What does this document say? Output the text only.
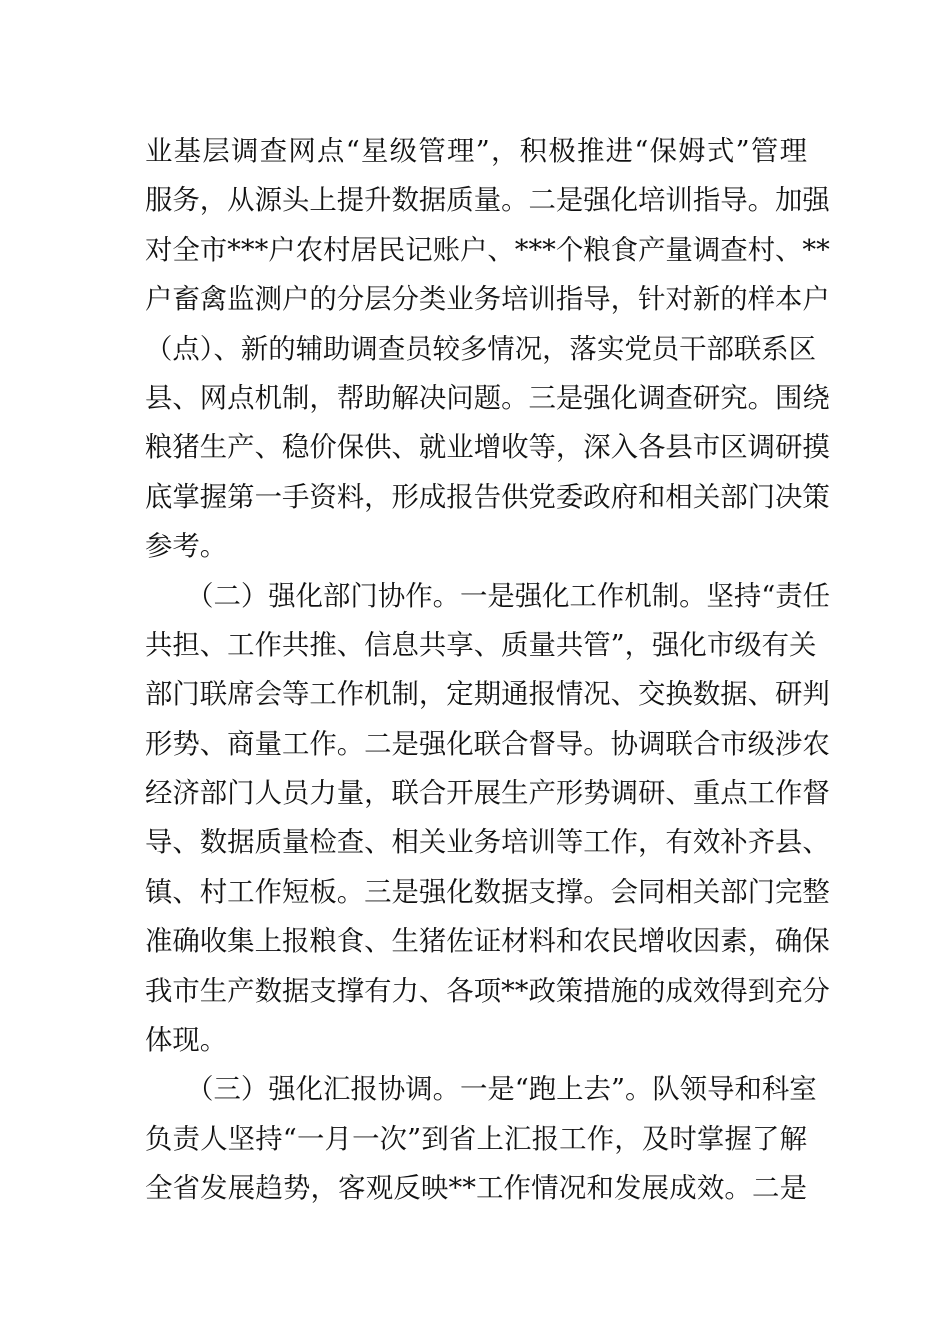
业基层调查网点“星级管理”，积极推进“保姆式”管理
服务，从源头上提升数据质量。二是强化培训指导。加强
对全市***户农村居民记账户、***个粮食产量调查村、**
户畜禽监测户的分层分类业务培训指导，针对新的样本户
（点）、新的辅助调查员较多情况，落实党员干部联系区
县、网点机制，帮助解决问题。三是强化调查研究。围绕
粮猪生产、稳价保供、就业增收等，深入各县市区调研摸
底掌握第一手资料，形成报告供党委政府和相关部门决策
参考。
　　（二）强化部门协作。一是强化工作机制。坚持“责任
共担、工作共推、信息共享、质量共管”，强化市级有关
部门联席会等工作机制，定期通报情况、交换数据、研判
形势、商量工作。二是强化联合督导。协调联合市级涉农
经济部门人员力量，联合开展生产形势调研、重点工作督
导、数据质量检查、相关业务培训等工作，有效补齐县、
镇、村工作短板。三是强化数据支撑。会同相关部门完整
准确收集上报粮食、生猪佐证材料和农民增收因素，确保
我市生产数据支撑有力、各项**政策措施的成效得到充分
体现。
　　（三）强化汇报协调。一是“跑上去”。队领导和科室
负责人坚持“一月一次”到省上汇报工作，及时掌握了解
全省发展趋势，客观反映**工作情况和发展成效。二是
